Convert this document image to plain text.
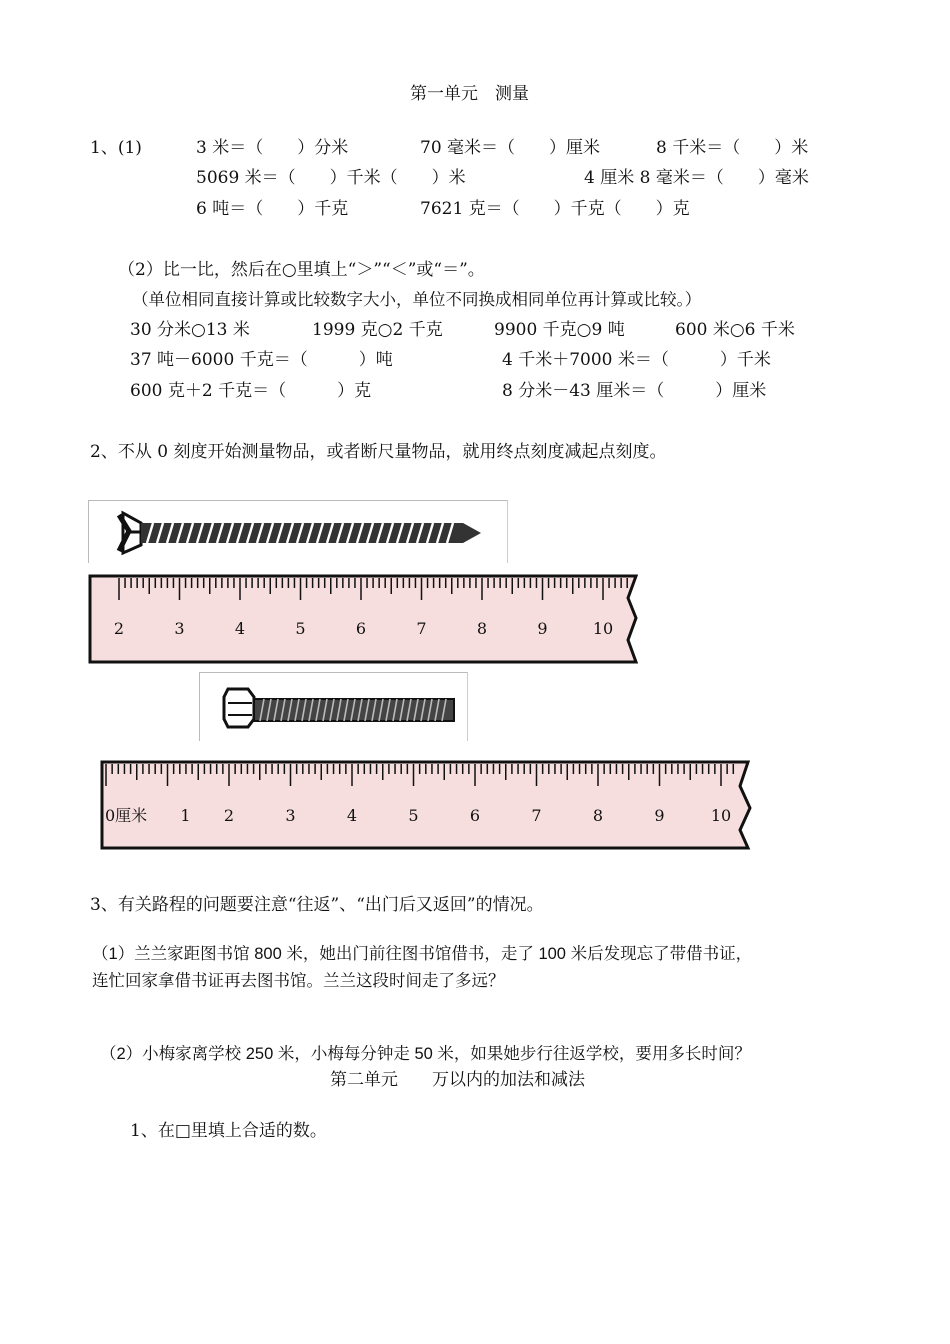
第一单元　测量
1、(1)	3 米＝（　　）分米	70 毫米＝（　　）厘米	8 千米＝（　　）米
5069 米＝（　　）千米（　　）米	4 厘米 8 毫米＝（　　）毫米
6 吨＝（　　）千克	7621 克＝（　　）千克（　　）克
（2）比一比，然后在○里填上“＞”“＜”或“＝”。
（单位相同直接计算或比较数字大小，单位不同换成相同单位再计算或比较。）
30 分米○13 米	1999 克○2 千克	9900 千克○9 吨	600 米○6 千米
37 吨－6000 千克＝（　　　）吨	4 千米＋7000 米＝（　　　）千米
600 克＋2 千克＝（　　　）克	8 分米－43 厘米＝（　　　）厘米
2、不从 0 刻度开始测量物品，或者断尺量物品，就用终点刻度减起点刻度。
2	3	4	5	6	7	8	9	10
0厘米 1 2	3	4	5	6	7	8	9	10
3、有关路程的问题要注意“往返”、“出门后又返回”的情况。
（1）兰兰家距图书馆 800 米，她出门前往图书馆借书，走了 100 米后发现忘了带借书证，
连忙回家拿借书证再去图书馆。兰兰这段时间走了多远？
（2）小梅家离学校 250 米，小梅每分钟走 50 米，如果她步行往返学校，要用多长时间？
第二单元　　万以内的加法和减法
1、在□里填上合适的数。
